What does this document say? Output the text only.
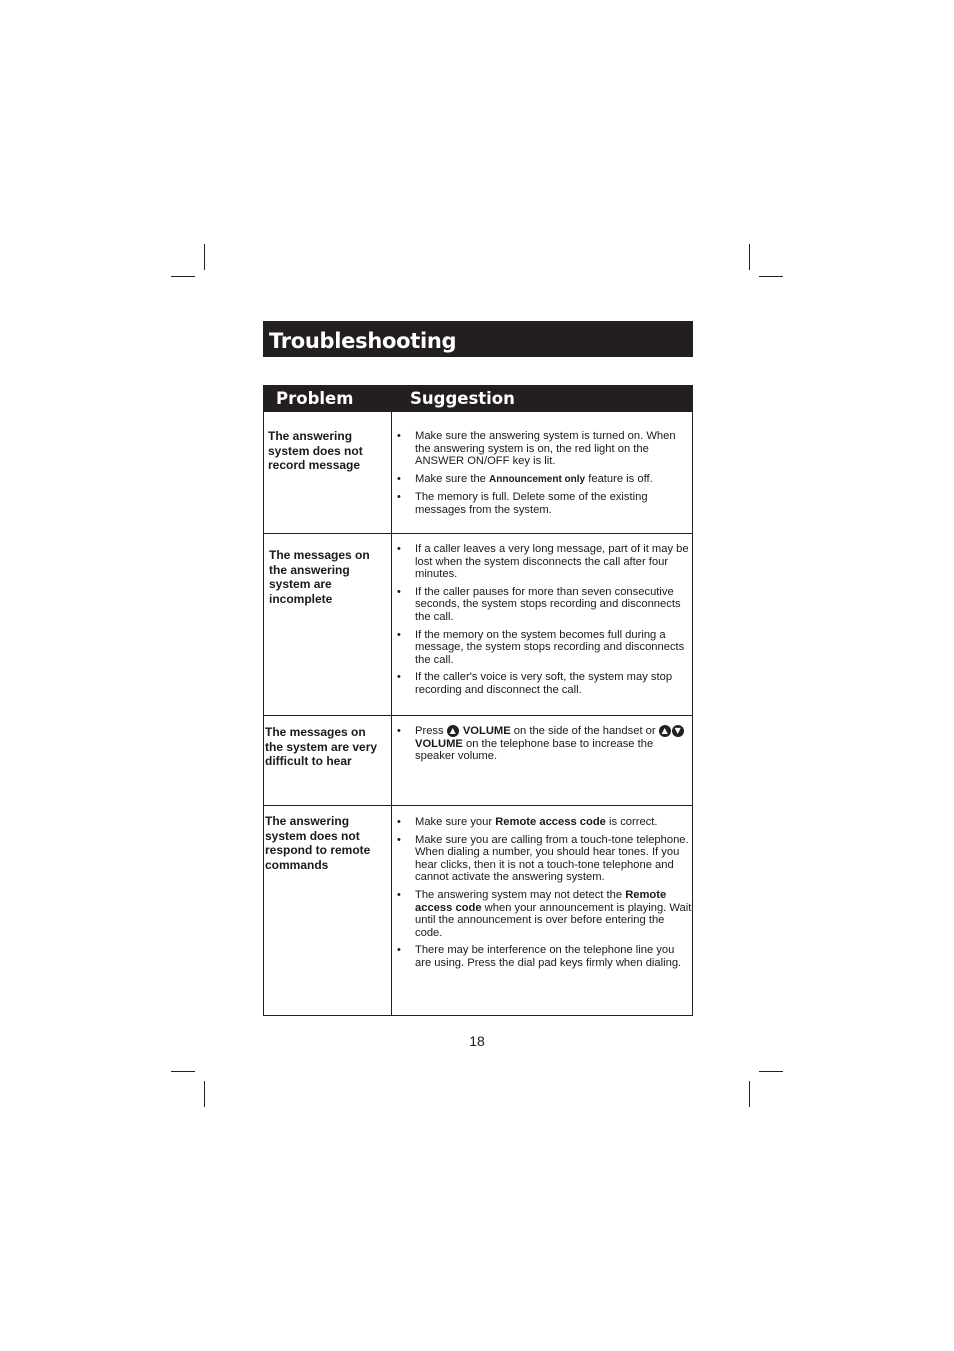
Troubleshooting
Problem	Suggestion
The answering system does not record message
• Make sure the answering system is turned on. When the answering system is on, the red light on the ANSWER ON/OFF key is lit.
• Make sure the Announcement only feature is off.
• The memory is full. Delete some of the existing messages from the system.
The messages on the answering system are incomplete
• If a caller leaves a very long message, part of it may be lost when the system disconnects the call after four minutes.
• If the caller pauses for more than seven consecutive seconds, the system stops recording and disconnects the call.
• If the memory on the system becomes full during a message, the system stops recording and disconnects the call.
• If the caller's voice is very soft, the system may stop recording and disconnect the call.
The messages on the system are very difficult to hear
• Press ▲ VOLUME on the side of the handset or ▲ ▼ VOLUME on the telephone base to increase the speaker volume.
The answering system does not respond to remote commands
• Make sure your Remote access code is correct.
• Make sure you are calling from a touch-tone telephone. When dialing a number, you should hear tones. If you hear clicks, then it is not a touch-tone telephone and cannot activate the answering system.
• The answering system may not detect the Remote access code when your announcement is playing. Wait until the announcement is over before entering the code.
• There may be interference on the telephone line you are using. Press the dial pad keys firmly when dialing.
18
